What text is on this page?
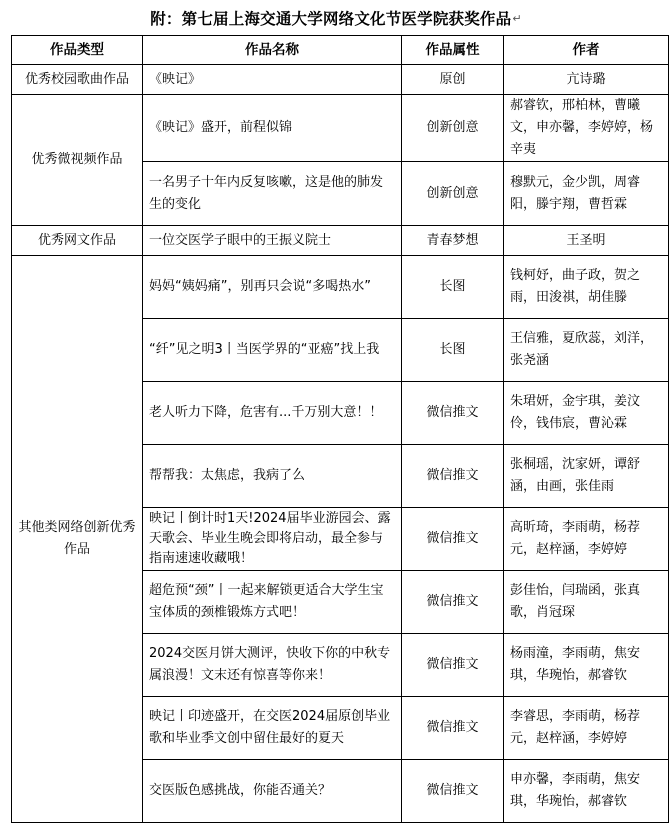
附：第七届上海交通大学网络文化节医学院获奖作品 ↵
作品类型	作品名称	作品属性	作者
优秀校园歌曲作品	《映记》	原创	亢诗璐
优秀微视频作品	《映记》盛开，前程似锦	创新创意	郝睿钦，邢柏林，曹曦文，申亦馨，李婷婷，杨辛夷
	一名男子十年内反复咳嗽，这是他的肺发生的变化	创新创意	穆默元，金少凯，周睿阳，滕宇翔，曹哲霖
优秀网文作品	一位交医学子眼中的王振义院士	青春梦想	王圣明
其他类网络创新优秀作品	妈妈“姨妈痛”，别再只会说“多喝热水”	长图	钱柯妤，曲子政，贺之雨，田浚祺，胡佳滕
	“纤”见之明3丨当医学界的“亚癌”找上我	长图	王信雅，夏欣蕊，刘洋，张尧涵
	老人听力下降，危害有...千万别大意！！	微信推文	朱珺妍，金宇琪，姜汶伶，钱伟宸，曹沁霖
	帮帮我：太焦虑，我病了么	微信推文	张桐瑶，沈家妍，谭舒涵，由画，张佳雨
	映记丨倒计时1天!2024届毕业游园会、露天歌会、毕业生晚会即将启动，最全参与指南速速收藏哦！	微信推文	高昕琦，李雨萌，杨荐元，赵梓涵，李婷婷
	超危预“颈”丨一起来解锁更适合大学生宝宝体质的颈椎锻炼方式吧！	微信推文	彭佳怡，闫瑞函，张真歌，肖冠琛
	2024交医月饼大测评，快收下你的中秋专属浪漫！文末还有惊喜等你来！	微信推文	杨雨潼，李雨萌，焦安琪，华琬怡，郝睿钦
	映记丨印迹盛开，在交医2024届原创毕业歌和毕业季文创中留住最好的夏天	微信推文	李睿思，李雨萌，杨荐元，赵梓涵，李婷婷
	交医版色感挑战，你能否通关？	微信推文	申亦馨，李雨萌，焦安琪，华琬怡，郝睿钦
